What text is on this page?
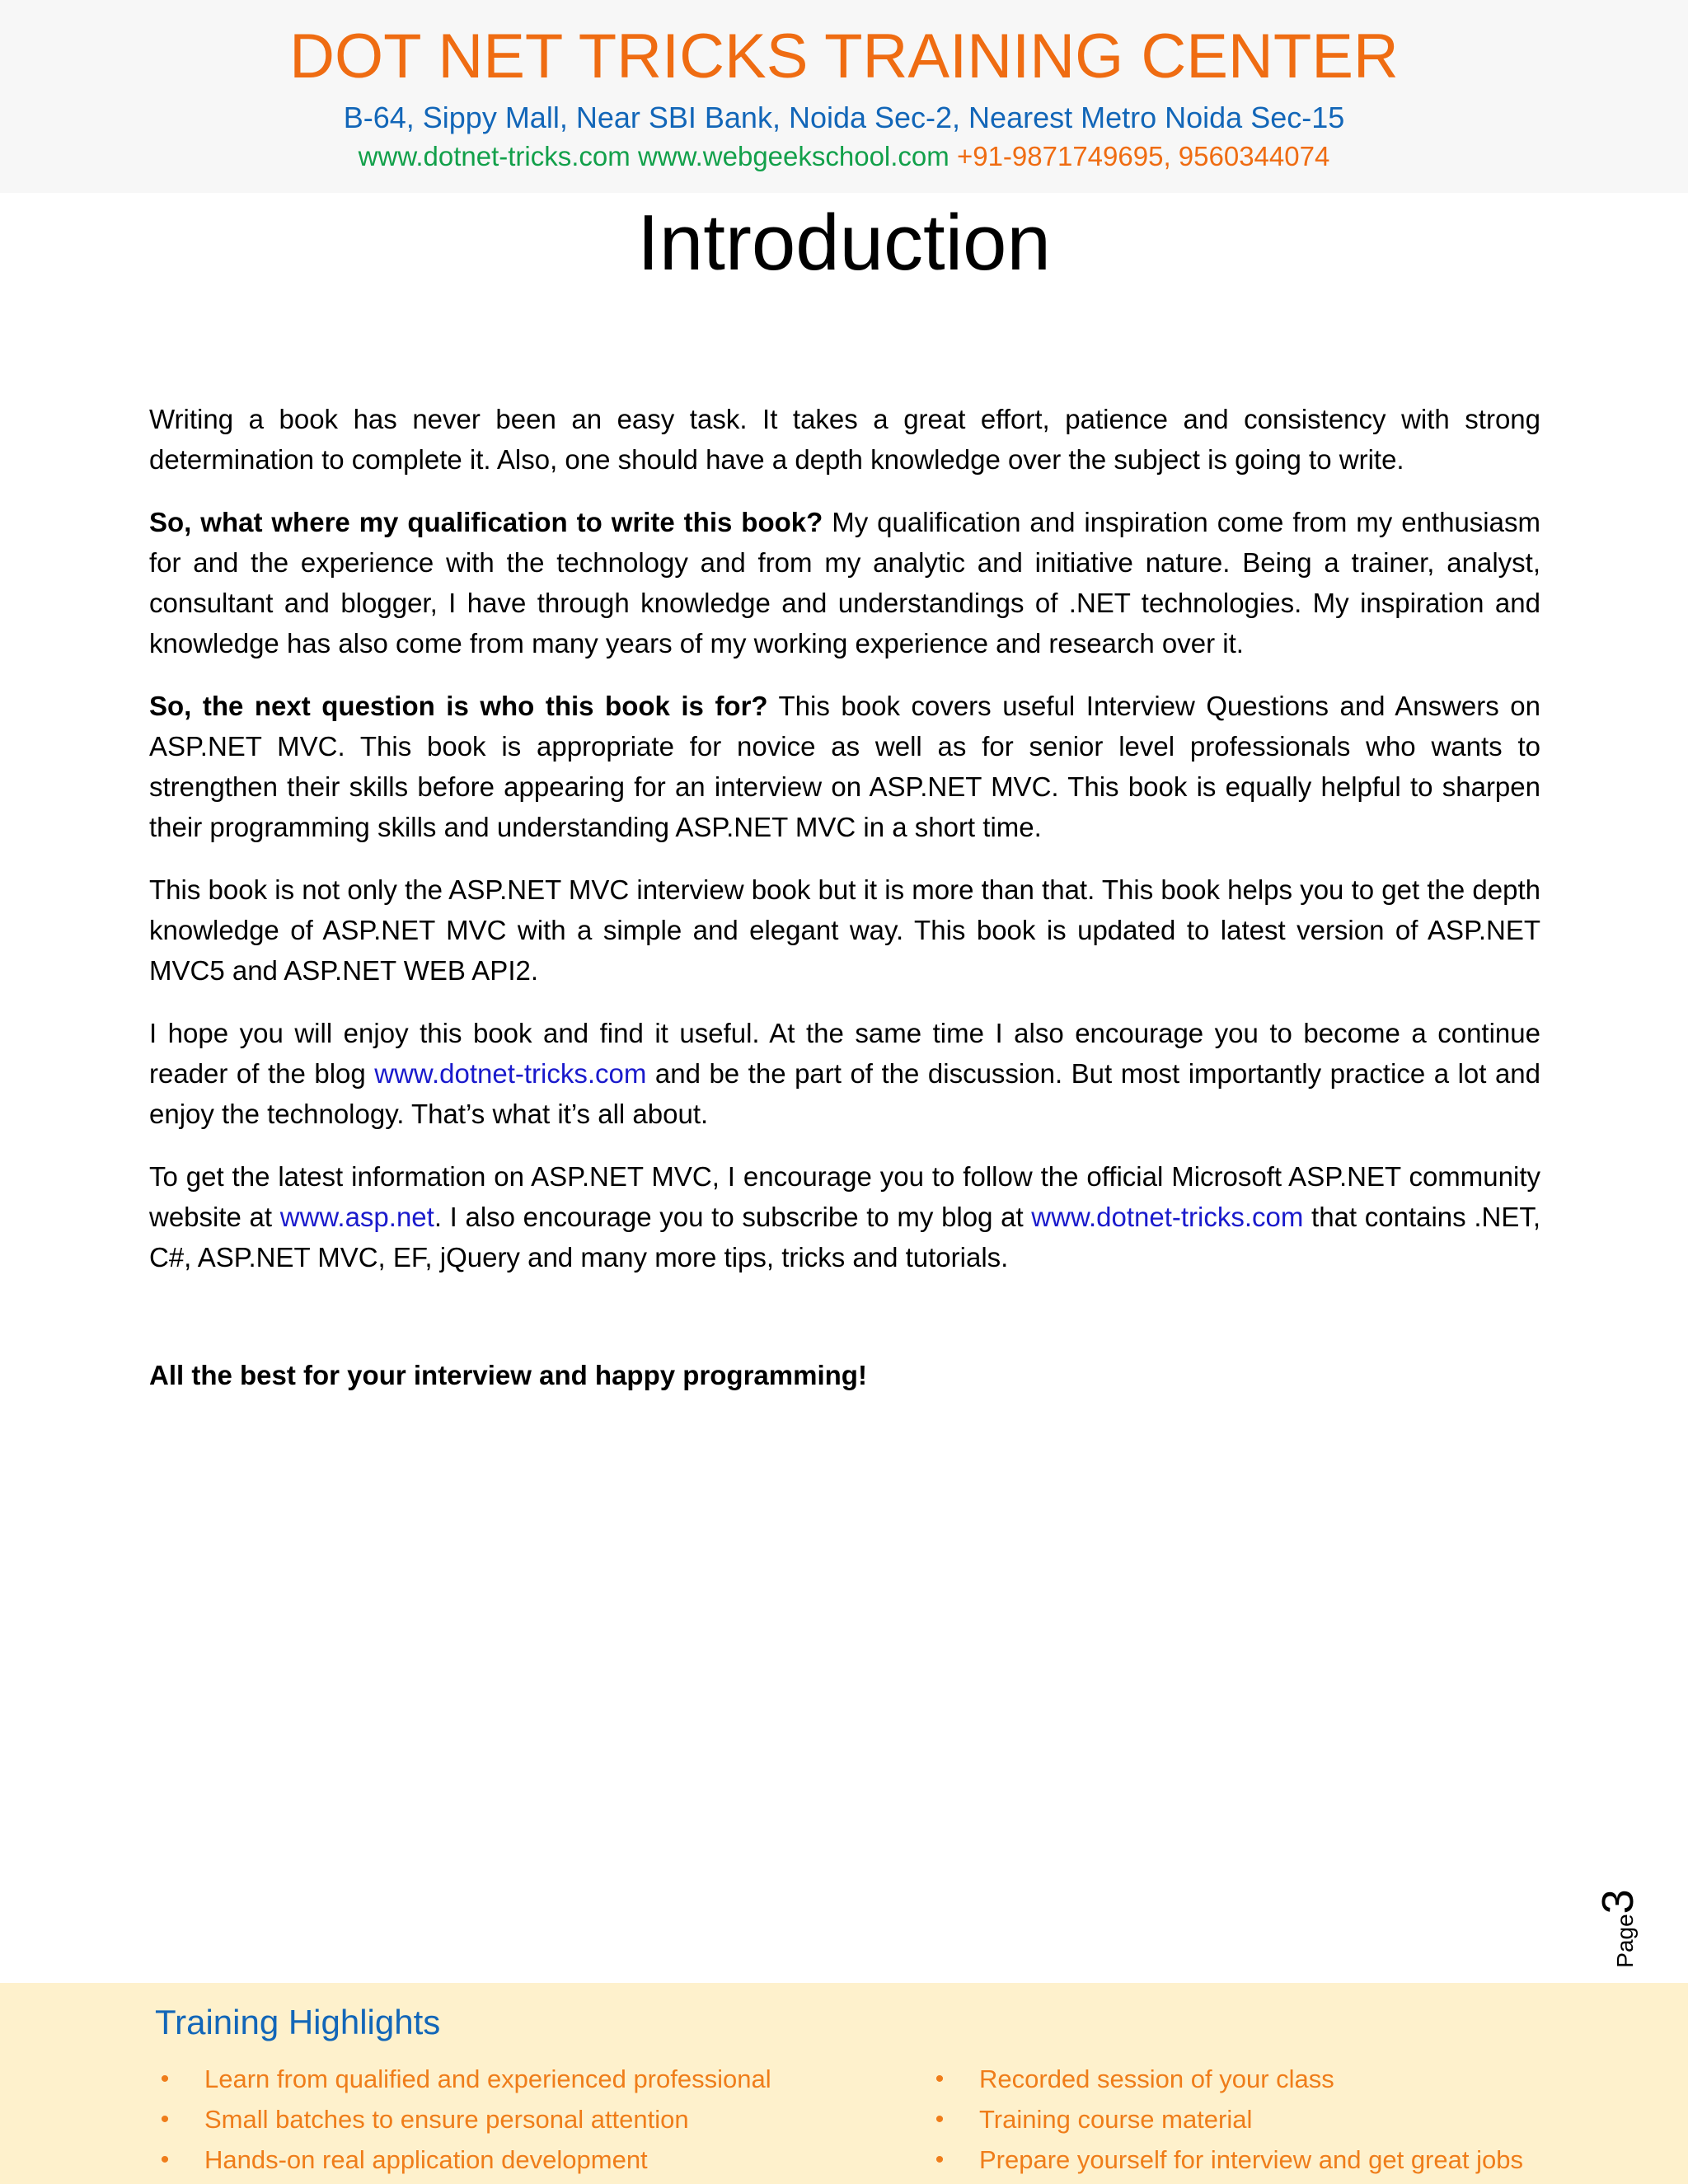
DOT NET TRICKS TRAINING CENTER
B-64, Sippy Mall, Near SBI Bank, Noida Sec-2, Nearest Metro Noida Sec-15
www.dotnet-tricks.com www.webgeekschool.com +91-9871749695, 9560344074
Introduction

Writing a book has never been an easy task. It takes a great effort, patience and consistency with strong determination to complete it. Also, one should have a depth knowledge over the subject is going to write.

So, what where my qualification to write this book? My qualification and inspiration come from my enthusiasm for and the experience with the technology and from my analytic and initiative nature. Being a trainer, analyst, consultant and blogger, I have through knowledge and understandings of .NET technologies. My inspiration and knowledge has also come from many years of my working experience and research over it.

So, the next question is who this book is for? This book covers useful Interview Questions and Answers on ASP.NET MVC. This book is appropriate for novice as well as for senior level professionals who wants to strengthen their skills before appearing for an interview on ASP.NET MVC. This book is equally helpful to sharpen their programming skills and understanding ASP.NET MVC in a short time.

This book is not only the ASP.NET MVC interview book but it is more than that. This book helps you to get the depth knowledge of ASP.NET MVC with a simple and elegant way. This book is updated to latest version of ASP.NET MVC5 and ASP.NET WEB API2.

I hope you will enjoy this book and find it useful. At the same time I also encourage you to become a continue reader of the blog www.dotnet-tricks.com and be the part of the discussion. But most importantly practice a lot and enjoy the technology. That’s what it’s all about.

To get the latest information on ASP.NET MVC, I encourage you to follow the official Microsoft ASP.NET community website at www.asp.net. I also encourage you to subscribe to my blog at www.dotnet-tricks.com that contains .NET, C#, ASP.NET MVC, EF, jQuery and many more tips, tricks and tutorials.

All the best for your interview and happy programming!
Page3
Training Highlights
• Learn from qualified and experienced professional
• Small batches to ensure personal attention
• Hands-on real application development
• Recorded session of your class
• Training course material
• Prepare yourself for interview and get great jobs
